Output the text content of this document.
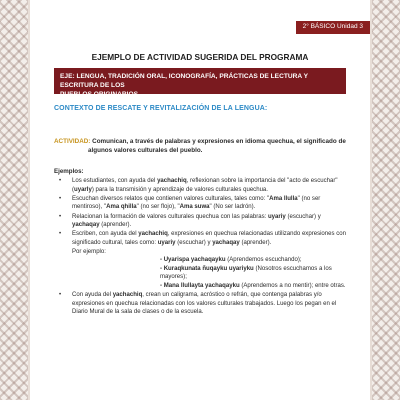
2° BÁSICO Unidad 3
EJEMPLO DE ACTIVIDAD SUGERIDA DEL PROGRAMA
EJE: LENGUA, TRADICIÓN ORAL, ICONOGRAFÍA, PRÁCTICAS DE LECTURA Y ESCRITURA DE LOS
PUEBLOS ORIGINARIOS.
CONTEXTO DE RESCATE Y REVITALIZACIÓN DE LA LENGUA:
ACTIVIDAD: Comunican, a través de palabras y expresiones en idioma quechua, el significado de
algunos valores culturales del pueblo.
Ejemplos:
• Los estudiantes, con ayuda del yachachiq, reflexionan sobre la importancia del "acto de escuchar" (uyarly) para la transmisión y aprendizaje de valores culturales quechua.
• Escuchan diversos relatos que contienen valores culturales, tales como: "Ama llulla" (no ser mentiroso), "Ama qhilla" (no ser flojo), "Ama suwa" (No ser ladrón).
• Relacionan la formación de valores culturales quechua con las palabras: uyariy (escuchar) y yachaqay (aprender).
• Escriben, con ayuda del yachachiq, expresiones en quechua relacionadas utilizando expresiones con significado cultural, tales como: uyariy (escuchar) y yachaqay (aprender).
Por ejemplo:
- Uyarispa yachaqayku (Aprendemos escuchando);
- Kuraqkunata ñuqayku uyariyku (Nosotros escuchamos a los mayores);
- Mana llullayta yachaqayku (Aprendemos a no mentir); entre otras.
• Con ayuda del yachachiq, crean un caligrama, acróstico o refrán, que contenga palabras y/o expresiones en quechua relacionadas con los valores culturales trabajados. Luego los pegan en el Diario Mural de la sala de clases o de la escuela.
